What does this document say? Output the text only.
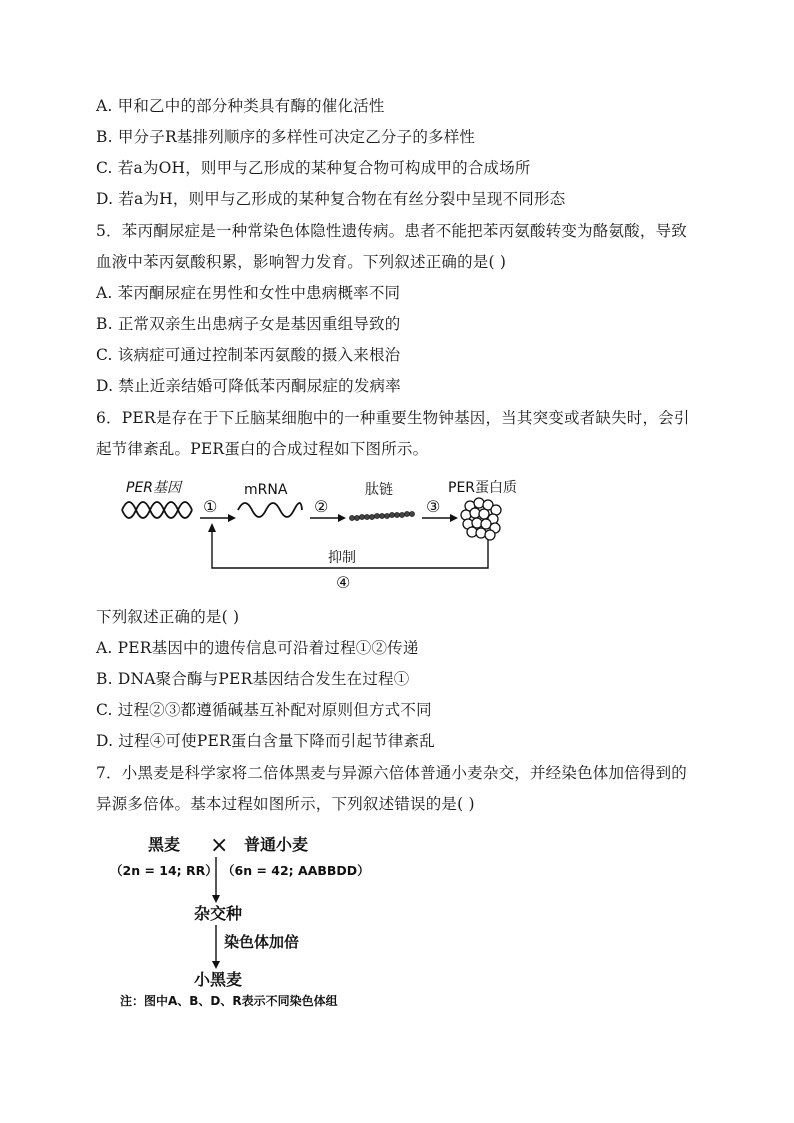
A. 甲和乙中的部分种类具有酶的催化活性
B. 甲分子R基排列顺序的多样性可决定乙分子的多样性
C. 若a为OH，则甲与乙形成的某种复合物可构成甲的合成场所
D. 若a为H，则甲与乙形成的某种复合物在有丝分裂中呈现不同形态
5．苯丙酮尿症是一种常染色体隐性遗传病。患者不能把苯丙氨酸转变为酪氨酸，导致
血液中苯丙氨酸积累，影响智力发育。下列叙述正确的是( )
A. 苯丙酮尿症在男性和女性中患病概率不同
B. 正常双亲生出患病子女是基因重组导致的
C. 该病症可通过控制苯丙氨酸的摄入来根治
D. 禁止近亲结婚可降低苯丙酮尿症的发病率
6．PER是存在于下丘脑某细胞中的一种重要生物钟基因，当其突变或者缺失时，会引
起节律紊乱。PER蛋白的合成过程如下图所示。
PER基因
①
mRNA
②
肽链
③
PER蛋白质
抑制
④
下列叙述正确的是( )
A. PER基因中的遗传信息可沿着过程①②传递
B. DNA聚合酶与PER基因结合发生在过程①
C. 过程②③都遵循碱基互补配对原则但方式不同
D. 过程④可使PER蛋白含量下降而引起节律紊乱
7．小黑麦是科学家将二倍体黑麦与异源六倍体普通小麦杂交，并经染色体加倍得到的
异源多倍体。基本过程如图所示，下列叙述错误的是( )
黑麦 × 普通小麦
（2n = 14; RR） （6n = 42; AABBDD）
杂交种
染色体加倍
小黑麦
注：图中A、B、D、R表示不同染色体组
